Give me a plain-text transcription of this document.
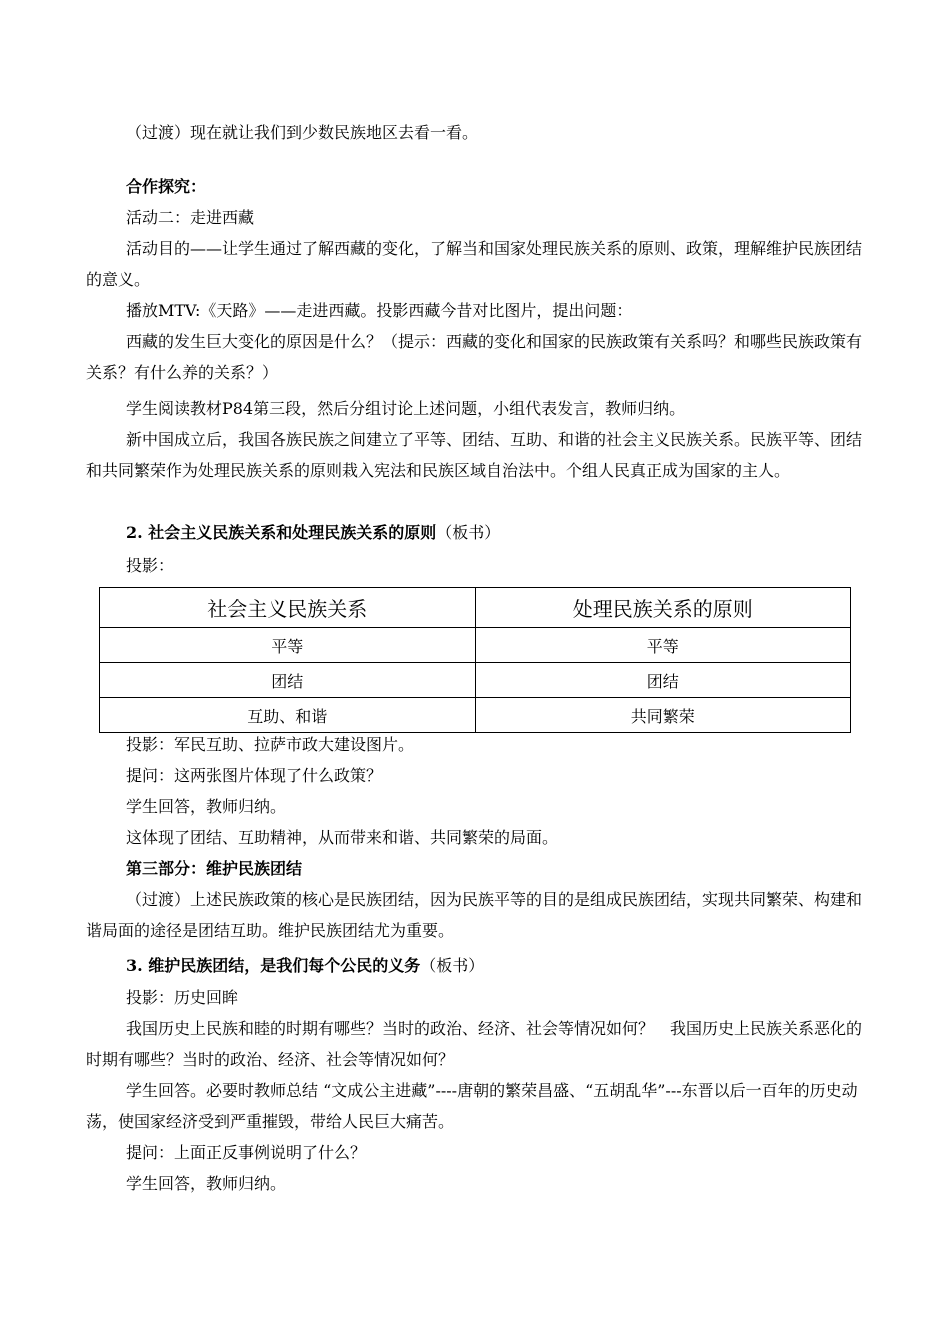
（过渡）现在就让我们到少数民族地区去看一看。

合作探究：

活动二：走进西藏

活动目的——让学生通过了解西藏的变化，了解当和国家处理民族关系的原则、政策，理解维护民族团结的意义。

播放MTV:《天路》——走进西藏。投影西藏今昔对比图片，提出问题：

西藏的发生巨大变化的原因是什么？（提示：西藏的变化和国家的民族政策有关系吗？和哪些民族政策有关系？有什么养的关系？）

学生阅读教材P84第三段，然后分组讨论上述问题，小组代表发言，教师归纳。

新中国成立后，我国各族民族之间建立了平等、团结、互助、和谐的社会主义民族关系。民族平等、团结和共同繁荣作为处理民族关系的原则栽入宪法和民族区域自治法中。个组人民真正成为国家的主人。

2. 社会主义民族关系和处理民族关系的原则（板书）

投影：

社会主义民族关系	处理民族关系的原则
平等	平等
团结	团结
互助、和谐	共同繁荣

投影：军民互助、拉萨市政大建设图片。

提问：这两张图片体现了什么政策？

学生回答，教师归纳。

这体现了团结、互助精神，从而带来和谐、共同繁荣的局面。

第三部分：维护民族团结

（过渡）上述民族政策的核心是民族团结，因为民族平等的目的是组成民族团结，实现共同繁荣、构建和谐局面的途径是团结互助。维护民族团结尤为重要。

3. 维护民族团结，是我们每个公民的义务（板书）

投影：历史回眸

我国历史上民族和睦的时期有哪些？当时的政治、经济、社会等情况如何？　我国历史上民族关系恶化的时期有哪些？当时的政治、经济、社会等情况如何？

学生回答。必要时教师总结 “文成公主进藏”----唐朝的繁荣昌盛、“五胡乱华”---东晋以后一百年的历史动荡，使国家经济受到严重摧毁，带给人民巨大痛苦。

提问：上面正反事例说明了什么？

学生回答，教师归纳。
